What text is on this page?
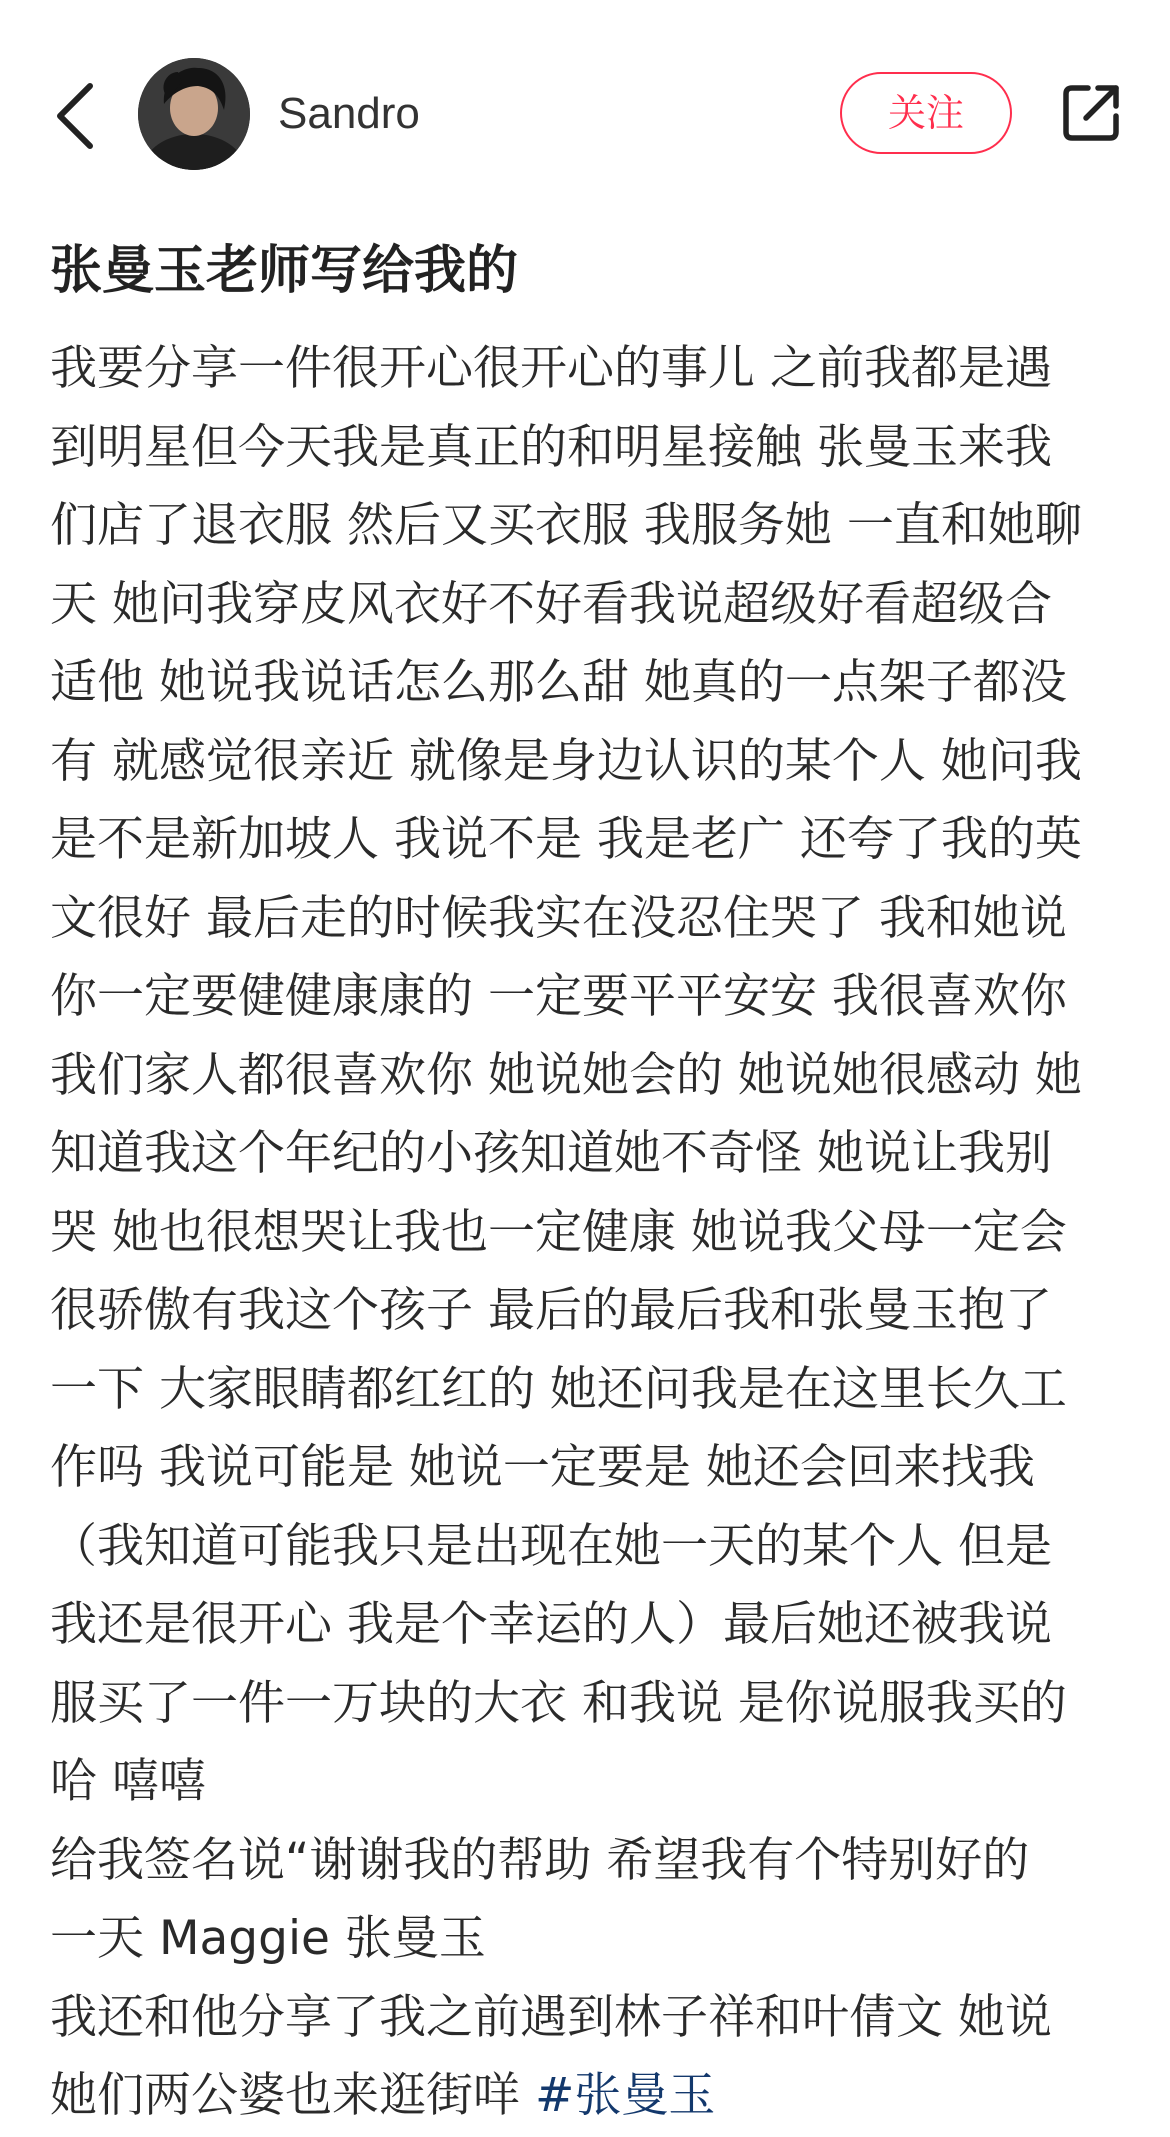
Sandro	关注
张曼玉老师写给我的
我要分享一件很开心很开心的事儿 之前我都是遇
到明星但今天我是真正的和明星接触 张曼玉来我
们店了退衣服 然后又买衣服 我服务她 一直和她聊
天 她问我穿皮风衣好不好看我说超级好看超级合
适他 她说我说话怎么那么甜 她真的一点架子都没
有 就感觉很亲近 就像是身边认识的某个人 她问我
是不是新加坡人 我说不是 我是老广 还夸了我的英
文很好 最后走的时候我实在没忍住哭了 我和她说
你一定要健健康康的 一定要平平安安 我很喜欢你
我们家人都很喜欢你 她说她会的 她说她很感动 她
知道我这个年纪的小孩知道她不奇怪 她说让我别
哭 她也很想哭让我也一定健康 她说我父母一定会
很骄傲有我这个孩子 最后的最后我和张曼玉抱了
一下 大家眼睛都红红的 她还问我是在这里长久工
作吗 我说可能是 她说一定要是 她还会回来找我
（我知道可能我只是出现在她一天的某个人 但是
我还是很开心 我是个幸运的人）最后她还被我说
服买了一件一万块的大衣 和我说 是你说服我买的
哈 嘻嘻
给我签名说“谢谢我的帮助 希望我有个特别好的
一天 Maggie 张曼玉
我还和他分享了我之前遇到林子祥和叶倩文 她说
她们两公婆也来逛街咩 #张曼玉
